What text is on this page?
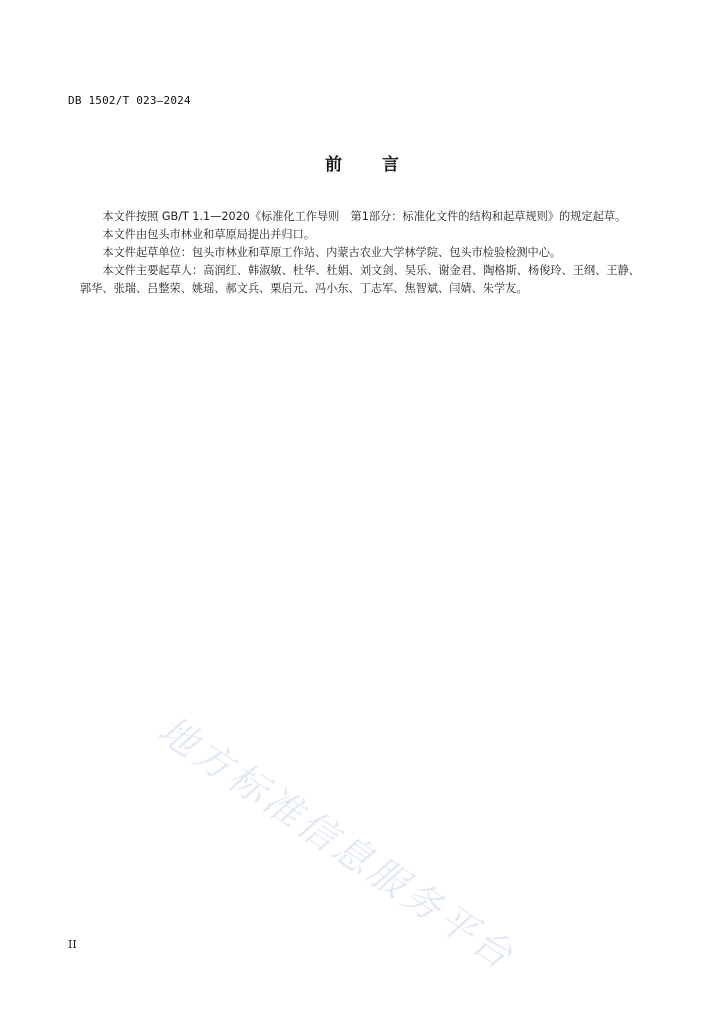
DB 1502/T 023—2024
前 言

本文件按照 GB/T 1.1—2020《标准化工作导则　第1部分：标准化文件的结构和起草规则》的规定起草。

本文件由包头市林业和草原局提出并归口。

本文件起草单位：包头市林业和草原工作站、内蒙古农业大学林学院、包头市检验检测中心。

本文件主要起草人：高润红、韩淑敏、杜华、杜娟、刘文剑、吴乐、谢金君、陶格斯、杨俊玲、王纲、王静、郭华、张瑞、吕整荣、姚瑶、郝文兵、栗启元、冯小东、丁志军、焦智斌、闫婧、朱学友。

地方标准信息服务平台
II
